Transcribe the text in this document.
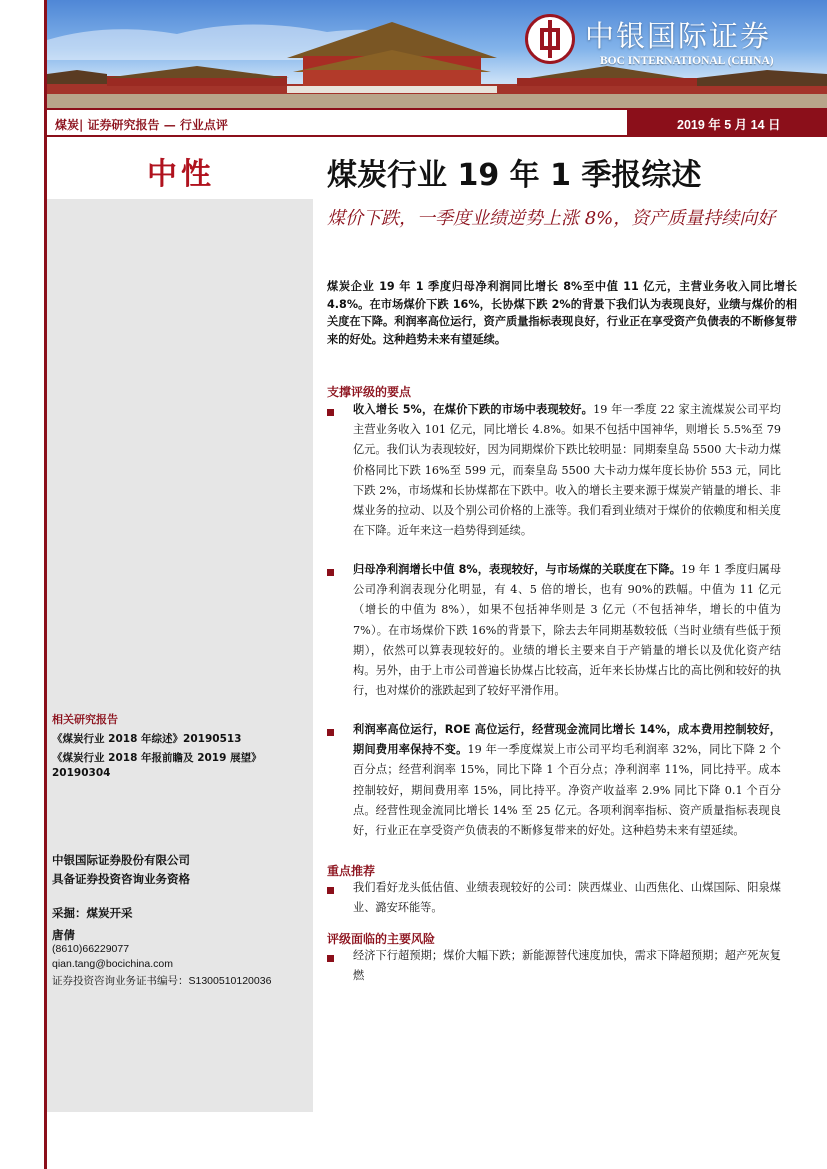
中银国际证券
BOC INTERNATIONAL (CHINA)
煤炭| 证券研究报告 — 行业点评	2019 年 5 月 14 日
中性
相关研究报告
《煤炭行业 2018 年综述》20190513
《煤炭行业 2018 年报前瞻及 2019 展望》
20190304
中银国际证券股份有限公司
具备证券投资咨询业务资格
采掘：煤炭开采
唐倩
(8610)66229077
qian.tang@bocichina.com
证券投资咨询业务证书编号：S1300510120036
煤炭行业 19 年 1 季报综述
煤价下跌，一季度业绩逆势上涨 8%，资产质量持续向好
煤炭企业 19 年 1 季度归母净利润同比增长 8%至中值 11 亿元，主营业务收入同比增长 4.8%。在市场煤价下跌 16%，长协煤下跌 2%的背景下我们认为表现良好，业绩与煤价的相关度在下降。利润率高位运行，资产质量指标表现良好，行业正在享受资产负债表的不断修复带来的好处。这种趋势未来有望延续。
支撑评级的要点
收入增长 5%，在煤价下跌的市场中表现较好。19 年一季度 22 家主流煤炭公司平均主营业务收入 101 亿元，同比增长 4.8%。如果不包括中国神华，则增长 5.5%至 79 亿元。我们认为表现较好，因为同期煤价下跌比较明显：同期秦皇岛 5500 大卡动力煤价格同比下跌 16%至 599 元，而秦皇岛 5500 大卡动力煤年度长协价 553 元，同比下跌 2%，市场煤和长协煤都在下跌中。收入的增长主要来源于煤炭产销量的增长、非煤业务的拉动、以及个别公司价格的上涨等。我们看到业绩对于煤价的依赖度和相关度在下降。近年来这一趋势得到延续。
归母净利润增长中值 8%，表现较好，与市场煤的关联度在下降。19 年 1 季度归属母公司净利润表现分化明显，有 4、5 倍的增长，也有 90%的跌幅。中值为 11 亿元（增长的中值为 8%），如果不包括神华则是 3 亿元（不包括神华，增长的中值为 7%）。在市场煤价下跌 16%的背景下，除去去年同期基数较低（当时业绩有些低于预期），依然可以算表现较好的。业绩的增长主要来自于产销量的增长以及优化资产结构。另外，由于上市公司普遍长协煤占比较高，近年来长协煤占比的高比例和较好的执行，也对煤价的涨跌起到了较好平滑作用。
利润率高位运行，ROE 高位运行，经营现金流同比增长 14%，成本费用控制较好，期间费用率保持不变。19 年一季度煤炭上市公司平均毛利润率 32%，同比下降 2 个百分点；经营利润率 15%，同比下降 1 个百分点；净利润率 11%，同比持平。成本控制较好，期间费用率 15%，同比持平。净资产收益率 2.9% 同比下降 0.1 个百分点。经营性现金流同比增长 14% 至 25 亿元。各项利润率指标、资产质量指标表现良好，行业正在享受资产负债表的不断修复带来的好处。这种趋势未来有望延续。
重点推荐
我们看好龙头低估值、业绩表现较好的公司：陕西煤业、山西焦化、山煤国际、阳泉煤业、潞安环能等。
评级面临的主要风险
经济下行超预期；煤价大幅下跌；新能源替代速度加快，需求下降超预期；超产死灰复燃
